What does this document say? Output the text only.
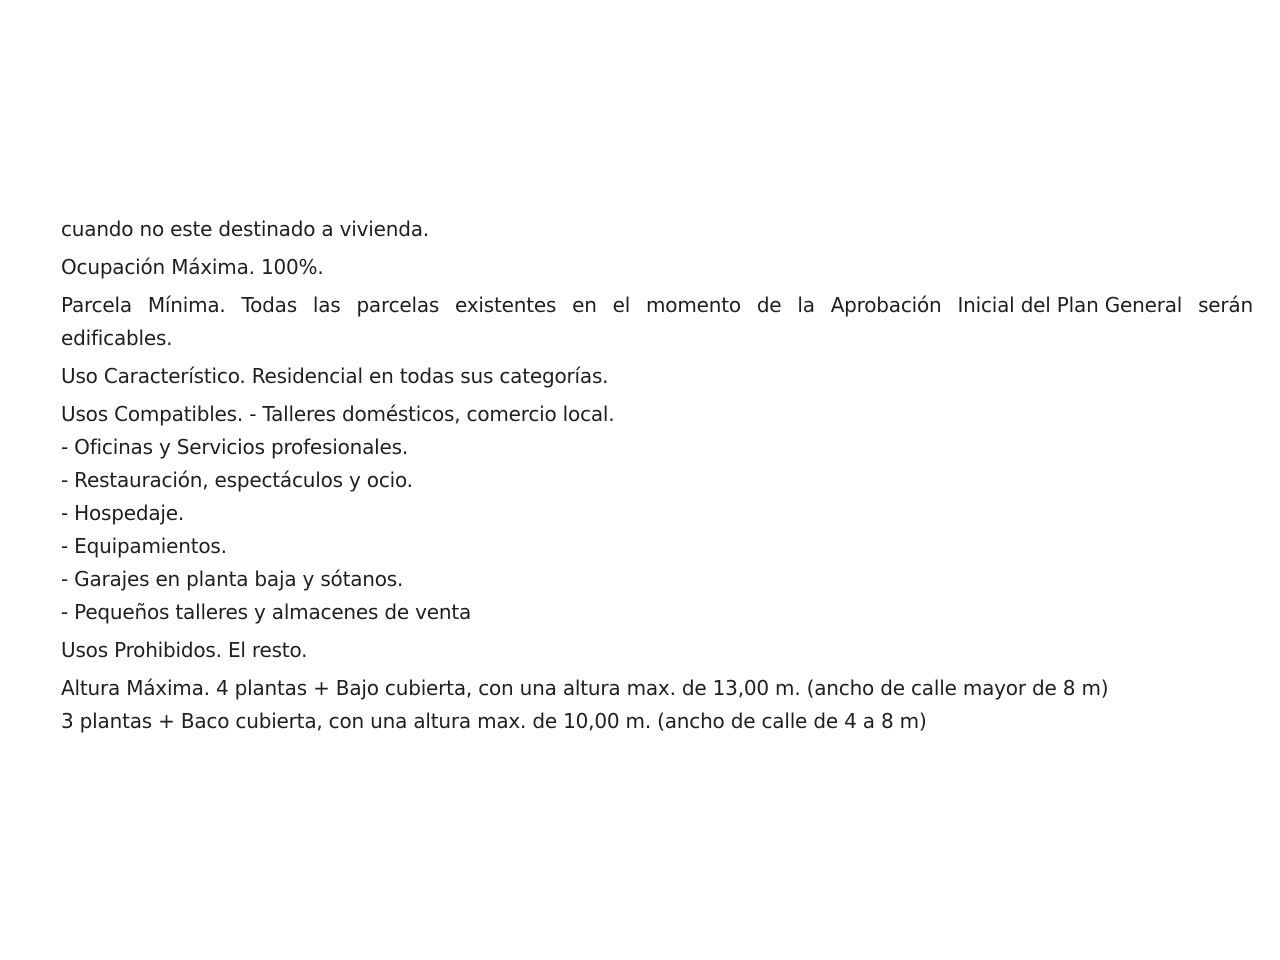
cuando no este destinado a vivienda.
Ocupación Máxima. 100%.
Parcela Mínima. Todas las parcelas existentes en el momento de la Aprobación Inicial del Plan General serán
edificables.
Uso Característico. Residencial en todas sus categorías.
Usos Compatibles. - Talleres domésticos, comercio local.
- Oficinas y Servicios profesionales.
- Restauración, espectáculos y ocio.
- Hospedaje.
- Equipamientos.
- Garajes en planta baja y sótanos.
- Pequeños talleres y almacenes de venta
Usos Prohibidos. El resto.
Altura Máxima. 4 plantas + Bajo cubierta, con una altura max. de 13,00 m. (ancho de calle mayor de 8 m)
3 plantas + Baco cubierta, con una altura max. de 10,00 m. (ancho de calle de 4 a 8 m)
